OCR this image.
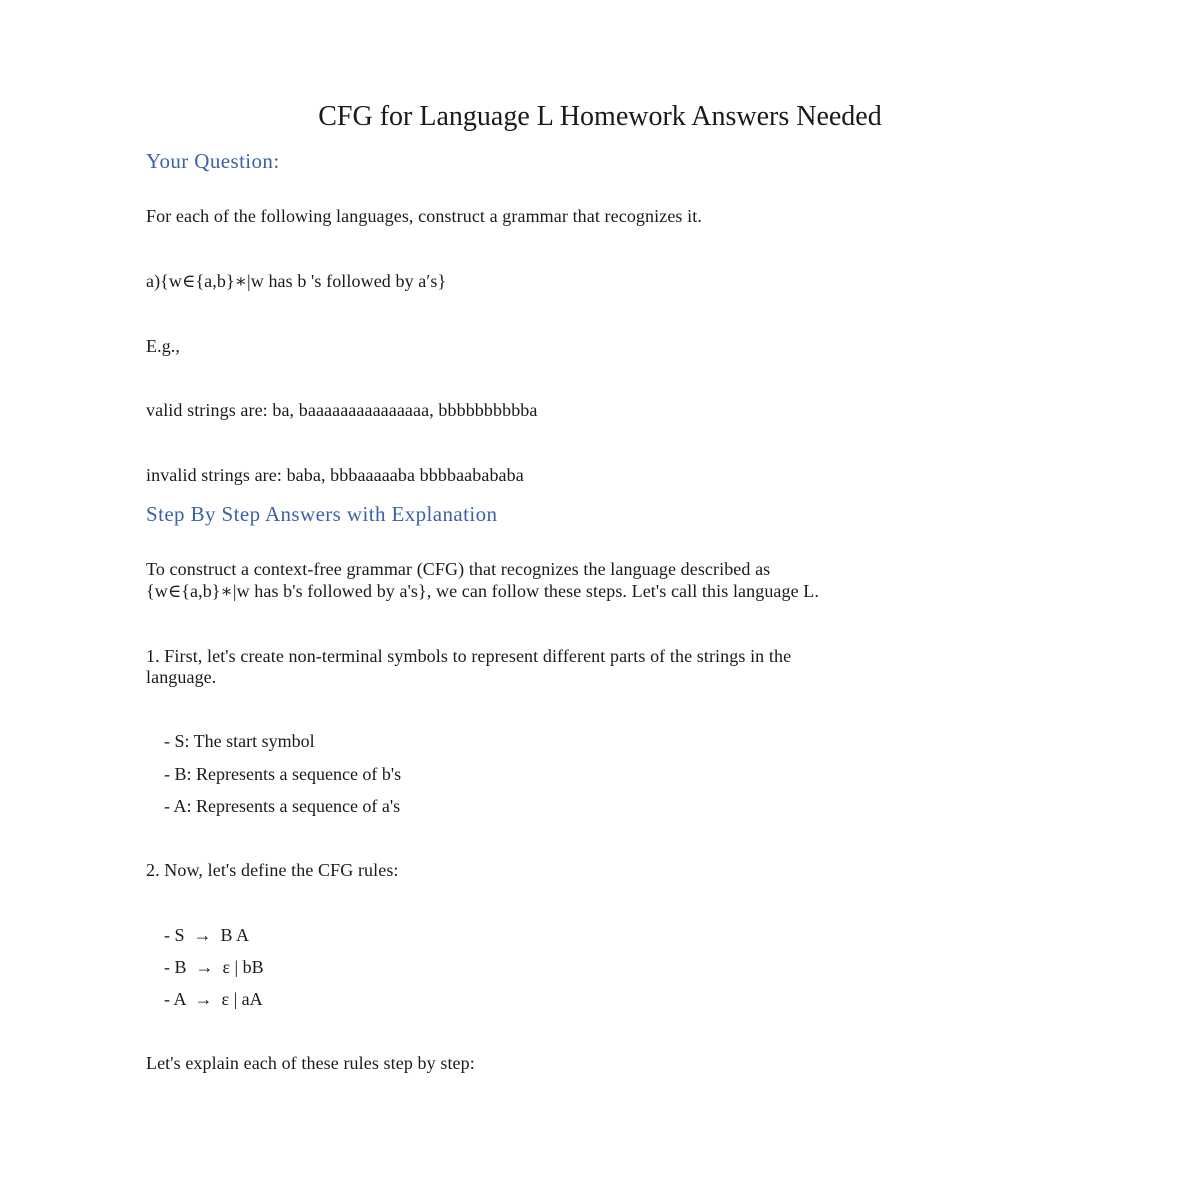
CFG for Language L Homework Answers Needed
Your Question:
For each of the following languages, construct a grammar that recognizes it.
a){w∈{a,b}∗|w has b 's followed by a′s}
E.g.,
valid strings are: ba, baaaaaaaaaaaaaaa, bbbbbbbbbba
invalid strings are: baba, bbbaaaaaba bbbbaabababa
Step By Step Answers with Explanation
To construct a context-free grammar (CFG) that recognizes the language described as
{w∈{a,b}∗|w has b's followed by a's}, we can follow these steps. Let's call this language L.
1. First, let's create non-terminal symbols to represent different parts of the strings in the
language.
- S: The start symbol
- B: Represents a sequence of b's
- A: Represents a sequence of a's
2. Now, let's define the CFG rules:
- S  →  B A
- B  →  ε | bB
- A  →  ε | aA
Let's explain each of these rules step by step:
